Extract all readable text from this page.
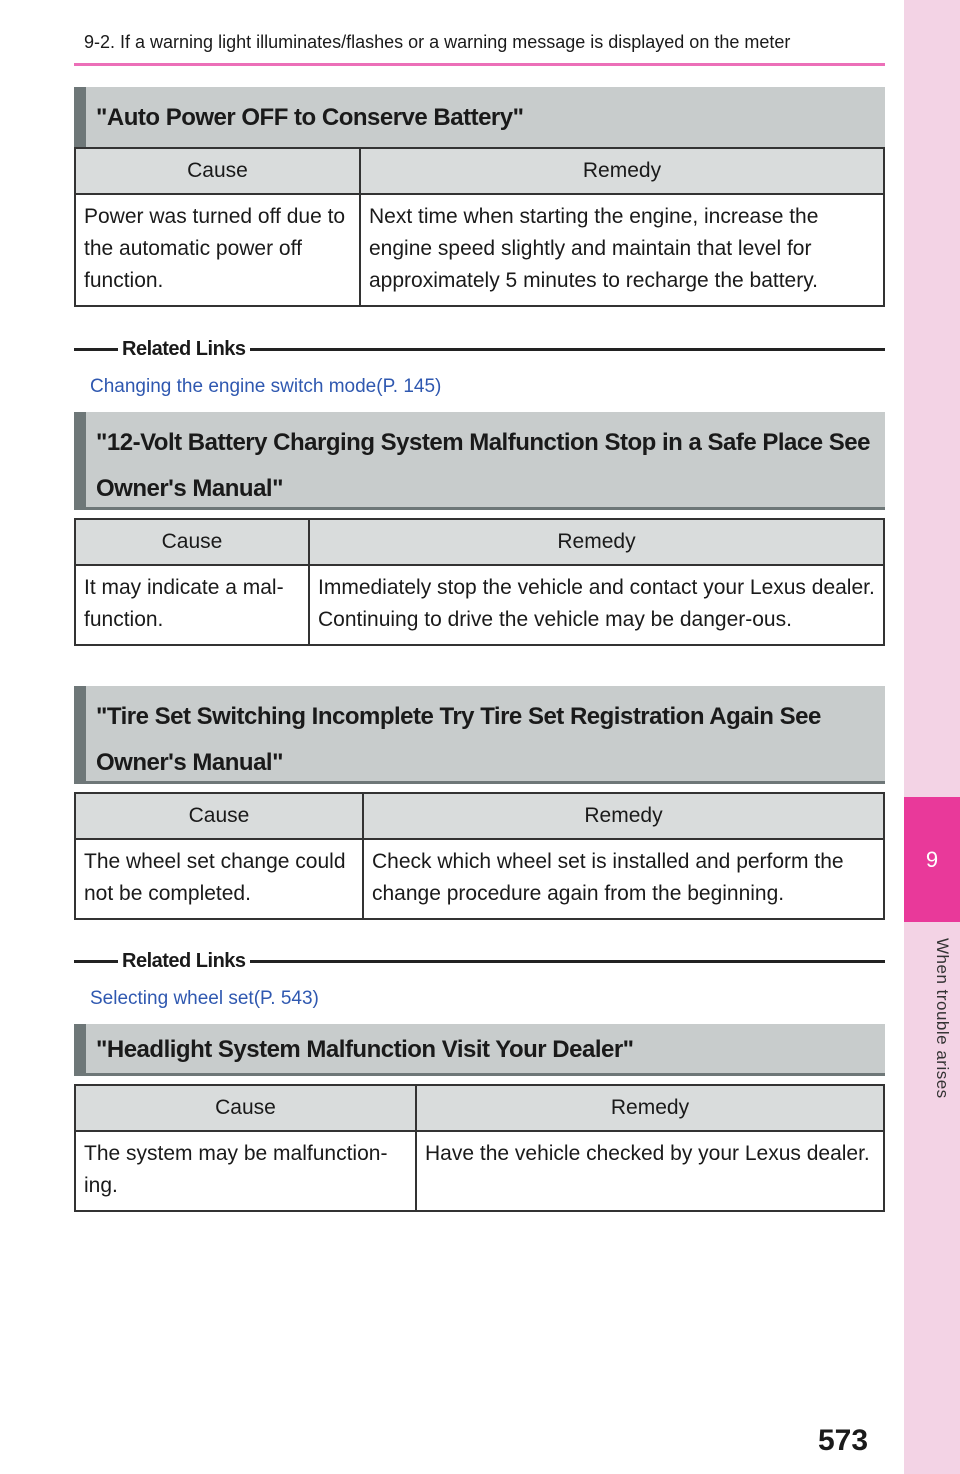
9
When trouble arises
9-2. If a warning light illuminates/flashes or a warning message is displayed on the meter
"Auto Power OFF to Conserve Battery"
Cause	Remedy
Power was turned off due to the automatic power off function.	Next time when starting the engine, increase the engine speed slightly and maintain that level for approximately 5 minutes to recharge the battery.
Related Links
Changing the engine switch mode(P. 145)
"12-Volt Battery Charging System Malfunction Stop in a Safe Place See Owner's Manual"
Cause	Remedy
It may indicate a mal-function.	Immediately stop the vehicle and contact your Lexus dealer. Continuing to drive the vehicle may be danger-ous.
"Tire Set Switching Incomplete Try Tire Set Registration Again See Owner's Manual"
Cause	Remedy
The wheel set change could not be completed.	Check which wheel set is installed and perform the change procedure again from the beginning.
Related Links
Selecting wheel set(P. 543)
"Headlight System Malfunction Visit Your Dealer"
Cause	Remedy
The system may be malfunction-ing.	Have the vehicle checked by your Lexus dealer.
573
